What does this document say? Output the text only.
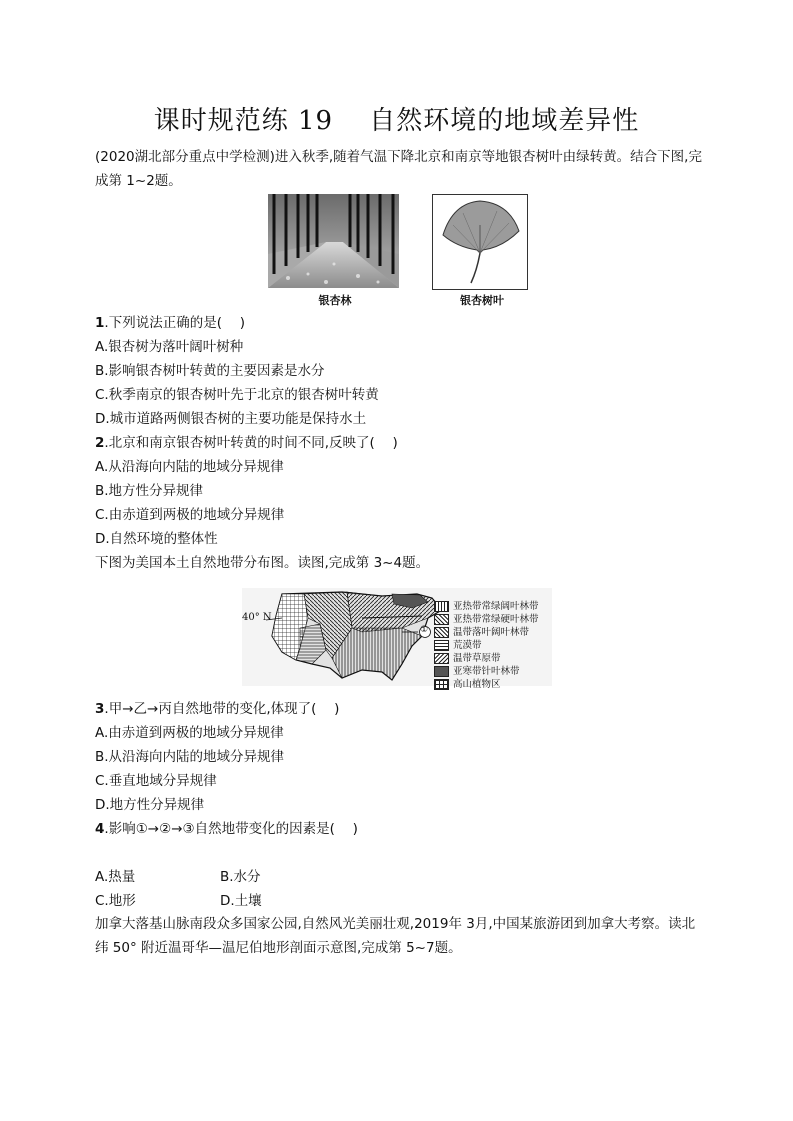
课时规范练 19　 自然环境的地域差异性
(2020湖北部分重点中学检测)进入秋季,随着气温下降北京和南京等地银杏树叶由绿转黄。结合下图,完成第 1~2题。
银杏林	银杏树叶
1.下列说法正确的是(　 )
A.银杏树为落叶阔叶树种
B.影响银杏树叶转黄的主要因素是水分
C.秋季南京的银杏树叶先于北京的银杏树叶转黄
D.城市道路两侧银杏树的主要功能是保持水土
2.北京和南京银杏树叶转黄的时间不同,反映了(　 )
A.从沿海向内陆的地域分异规律
B.地方性分异规律
C.由赤道到两极的地域分异规律
D.自然环境的整体性
下图为美国本土自然地带分布图。读图,完成第 3~4题。
40° N
①
亚热带常绿阔叶林带
亚热带常绿硬叶林带
温带落叶阔叶林带
荒漠带
温带草原带
亚寒带针叶林带
高山植物区
3.甲→乙→丙自然地带的变化,体现了(　 )
A.由赤道到两极的地域分异规律
B.从沿海向内陆的地域分异规律
C.垂直地域分异规律
D.地方性分异规律
4.影响①→②→③自然地带变化的因素是(　 )
A.热量	B.水分
C.地形	D.土壤
加拿大落基山脉南段众多国家公园,自然风光美丽壮观,2019年 3月,中国某旅游团到加拿大考察。读北纬 50° 附近温哥华—温尼伯地形剖面示意图,完成第 5~7题。
